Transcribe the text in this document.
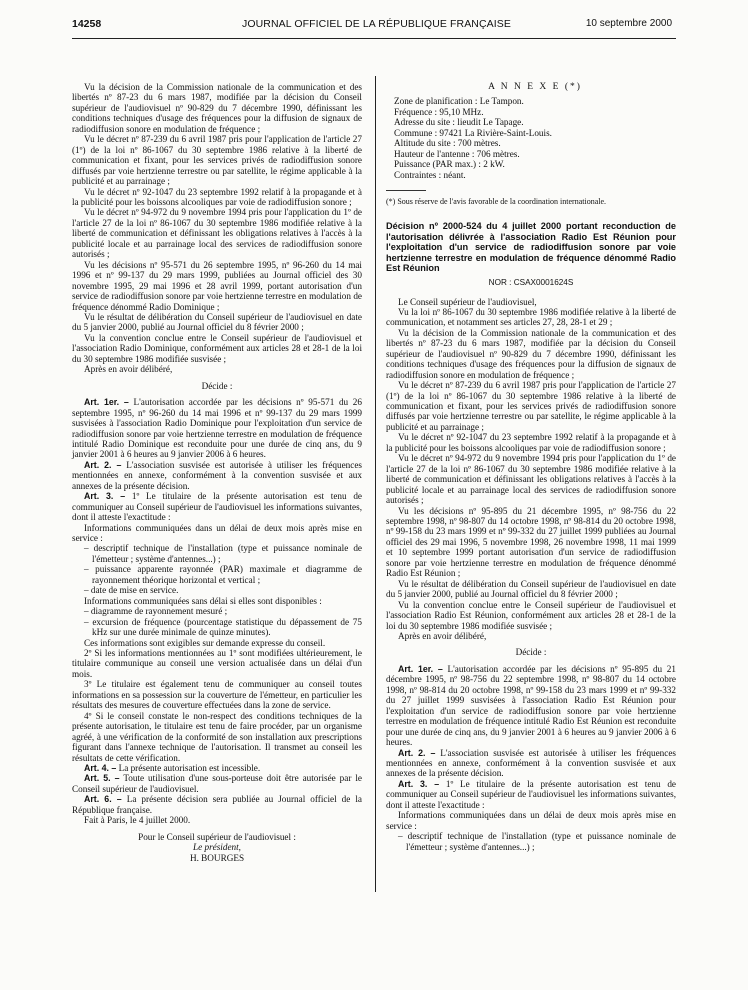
14258	JOURNAL OFFICIEL DE LA RÉPUBLIQUE FRANÇAISE	10 septembre 2000

Vu la décision de la Commission nationale de la communication et des libertés nº 87-23 du 6 mars 1987, modifiée par la décision du Conseil supérieur de l'audiovisuel nº 90-829 du 7 décembre 1990, définissant les conditions techniques d'usage des fréquences pour la diffusion de signaux de radiodiffusion sonore en modulation de fréquence ;

Vu le décret nº 87-239 du 6 avril 1987 pris pour l'application de l'article 27 (1º) de la loi nº 86-1067 du 30 septembre 1986 relative à la liberté de communication et fixant, pour les services privés de radiodiffusion sonore diffusés par voie hertzienne terrestre ou par satellite, le régime applicable à la publicité et au parrainage ;

Vu le décret nº 92-1047 du 23 septembre 1992 relatif à la propagande et à la publicité pour les boissons alcooliques par voie de radiodiffusion sonore ;

Vu le décret nº 94-972 du 9 novembre 1994 pris pour l'application du 1º de l'article 27 de la loi nº 86-1067 du 30 septembre 1986 modifiée relative à la liberté de communication et définissant les obligations relatives à l'accès à la publicité locale et au parrainage local des services de radiodiffusion sonore autorisés ;

Vu les décisions nº 95-571 du 26 septembre 1995, nº 96-260 du 14 mai 1996 et nº 99-137 du 29 mars 1999, publiées au Journal officiel des 30 novembre 1995, 29 mai 1996 et 28 avril 1999, portant autorisation d'un service de radiodiffusion sonore par voie hertzienne terrestre en modulation de fréquence dénommé Radio Dominique ;

Vu le résultat de délibération du Conseil supérieur de l'audiovisuel en date du 5 janvier 2000, publié au Journal officiel du 8 février 2000 ;

Vu la convention conclue entre le Conseil supérieur de l'audiovisuel et l'association Radio Dominique, conformément aux articles 28 et 28-1 de la loi du 30 septembre 1986 modifiée susvisée ;

Après en avoir délibéré,

Décide :

Art. 1er. – L'autorisation accordée par les décisions nº 95-571 du 26 septembre 1995, nº 96-260 du 14 mai 1996 et nº 99-137 du 29 mars 1999 susvisées à l'association Radio Dominique pour l'exploitation d'un service de radiodiffusion sonore par voie hertzienne terrestre en modulation de fréquence intitulé Radio Dominique est reconduite pour une durée de cinq ans, du 9 janvier 2001 à 6 heures au 9 janvier 2006 à 6 heures.

Art. 2. – L'association susvisée est autorisée à utiliser les fréquences mentionnées en annexe, conformément à la convention susvisée et aux annexes de la présente décision.

Art. 3. – 1º Le titulaire de la présente autorisation est tenu de communiquer au Conseil supérieur de l'audiovisuel les informations suivantes, dont il atteste l'exactitude :

Informations communiquées dans un délai de deux mois après mise en service :

– descriptif technique de l'installation (type et puissance nominale de l'émetteur ; système d'antennes...) ;

– puissance apparente rayonnée (PAR) maximale et diagramme de rayonnement théorique horizontal et vertical ;

– date de mise en service.

Informations communiquées sans délai si elles sont disponibles :

– diagramme de rayonnement mesuré ;

– excursion de fréquence (pourcentage statistique du dépassement de 75 kHz sur une durée minimale de quinze minutes).

Ces informations sont exigibles sur demande expresse du conseil.

2º Si les informations mentionnées au 1º sont modifiées ultérieurement, le titulaire communique au conseil une version actualisée dans un délai d'un mois.

3º Le titulaire est également tenu de communiquer au conseil toutes informations en sa possession sur la couverture de l'émetteur, en particulier les résultats des mesures de couverture effectuées dans la zone de service.

4º Si le conseil constate le non-respect des conditions techniques de la présente autorisation, le titulaire est tenu de faire procéder, par un organisme agréé, à une vérification de la conformité de son installation aux prescriptions figurant dans l'annexe technique de l'autorisation. Il transmet au conseil les résultats de cette vérification.

Art. 4. – La présente autorisation est incessible.

Art. 5. – Toute utilisation d'une sous-porteuse doit être autorisée par le Conseil supérieur de l'audiovisuel.

Art. 6. – La présente décision sera publiée au Journal officiel de la République française.

Fait à Paris, le 4 juillet 2000.

Pour le Conseil supérieur de l'audiovisuel :

Le président,

H. BOURGES

A N N E X E (*)

Zone de planification : Le Tampon.

Fréquence : 95,10 MHz.

Adresse du site : lieudit Le Tapage.

Commune : 97421 La Rivière-Saint-Louis.

Altitude du site : 700 mètres.

Hauteur de l'antenne : 706 mètres.

Puissance (PAR max.) : 2 kW.

Contraintes : néant.

(*) Sous réserve de l'avis favorable de la coordination internationale.

Décision nº 2000-524 du 4 juillet 2000 portant reconduction de l'autorisation délivrée à l'association Radio Est Réunion pour l'exploitation d'un service de radiodiffusion sonore par voie hertzienne terrestre en modulation de fréquence dénommé Radio Est Réunion

NOR : CSAX0001624S

Le Conseil supérieur de l'audiovisuel,

Vu la loi nº 86-1067 du 30 septembre 1986 modifiée relative à la liberté de communication, et notamment ses articles 27, 28, 28-1 et 29 ;

Vu la décision de la Commission nationale de la communication et des libertés nº 87-23 du 6 mars 1987, modifiée par la décision du Conseil supérieur de l'audiovisuel nº 90-829 du 7 décembre 1990, définissant les conditions techniques d'usage des fréquences pour la diffusion de signaux de radiodiffusion sonore en modulation de fréquence ;

Vu le décret nº 87-239 du 6 avril 1987 pris pour l'application de l'article 27 (1º) de la loi nº 86-1067 du 30 septembre 1986 relative à la liberté de communication et fixant, pour les services privés de radiodiffusion sonore diffusés par voie hertzienne terrestre ou par satellite, le régime applicable à la publicité et au parrainage ;

Vu le décret nº 92-1047 du 23 septembre 1992 relatif à la propagande et à la publicité pour les boissons alcooliques par voie de radiodiffusion sonore ;

Vu le décret nº 94-972 du 9 novembre 1994 pris pour l'application du 1º de l'article 27 de la loi nº 86-1067 du 30 septembre 1986 modifiée relative à la liberté de communication et définissant les obligations relatives à l'accès à la publicité locale et au parrainage local des services de radiodiffusion sonore autorisés ;

Vu les décisions nº 95-895 du 21 décembre 1995, nº 98-756 du 22 septembre 1998, nº 98-807 du 14 octobre 1998, nº 98-814 du 20 octobre 1998, nº 99-158 du 23 mars 1999 et nº 99-332 du 27 juillet 1999 publiées au Journal officiel des 29 mai 1996, 5 novembre 1998, 26 novembre 1998, 11 mai 1999 et 10 septembre 1999 portant autorisation d'un service de radiodiffusion sonore par voie hertzienne terrestre en modulation de fréquence dénommé Radio Est Réunion ;

Vu le résultat de délibération du Conseil supérieur de l'audiovisuel en date du 5 janvier 2000, publié au Journal officiel du 8 février 2000 ;

Vu la convention conclue entre le Conseil supérieur de l'audiovisuel et l'association Radio Est Réunion, conformément aux articles 28 et 28-1 de la loi du 30 septembre 1986 modifiée susvisée ;

Après en avoir délibéré,

Décide :

Art. 1er. – L'autorisation accordée par les décisions nº 95-895 du 21 décembre 1995, nº 98-756 du 22 septembre 1998, nº 98-807 du 14 octobre 1998, nº 98-814 du 20 octobre 1998, nº 99-158 du 23 mars 1999 et nº 99-332 du 27 juillet 1999 susvisées à l'association Radio Est Réunion pour l'exploitation d'un service de radiodiffusion sonore par voie hertzienne terrestre en modulation de fréquence intitulé Radio Est Réunion est reconduite pour une durée de cinq ans, du 9 janvier 2001 à 6 heures au 9 janvier 2006 à 6 heures.

Art. 2. – L'association susvisée est autorisée à utiliser les fréquences mentionnées en annexe, conformément à la convention susvisée et aux annexes de la présente décision.

Art. 3. – 1º Le titulaire de la présente autorisation est tenu de communiquer au Conseil supérieur de l'audiovisuel les informations suivantes, dont il atteste l'exactitude :

Informations communiquées dans un délai de deux mois après mise en service :

– descriptif technique de l'installation (type et puissance nominale de l'émetteur ; système d'antennes...) ;
